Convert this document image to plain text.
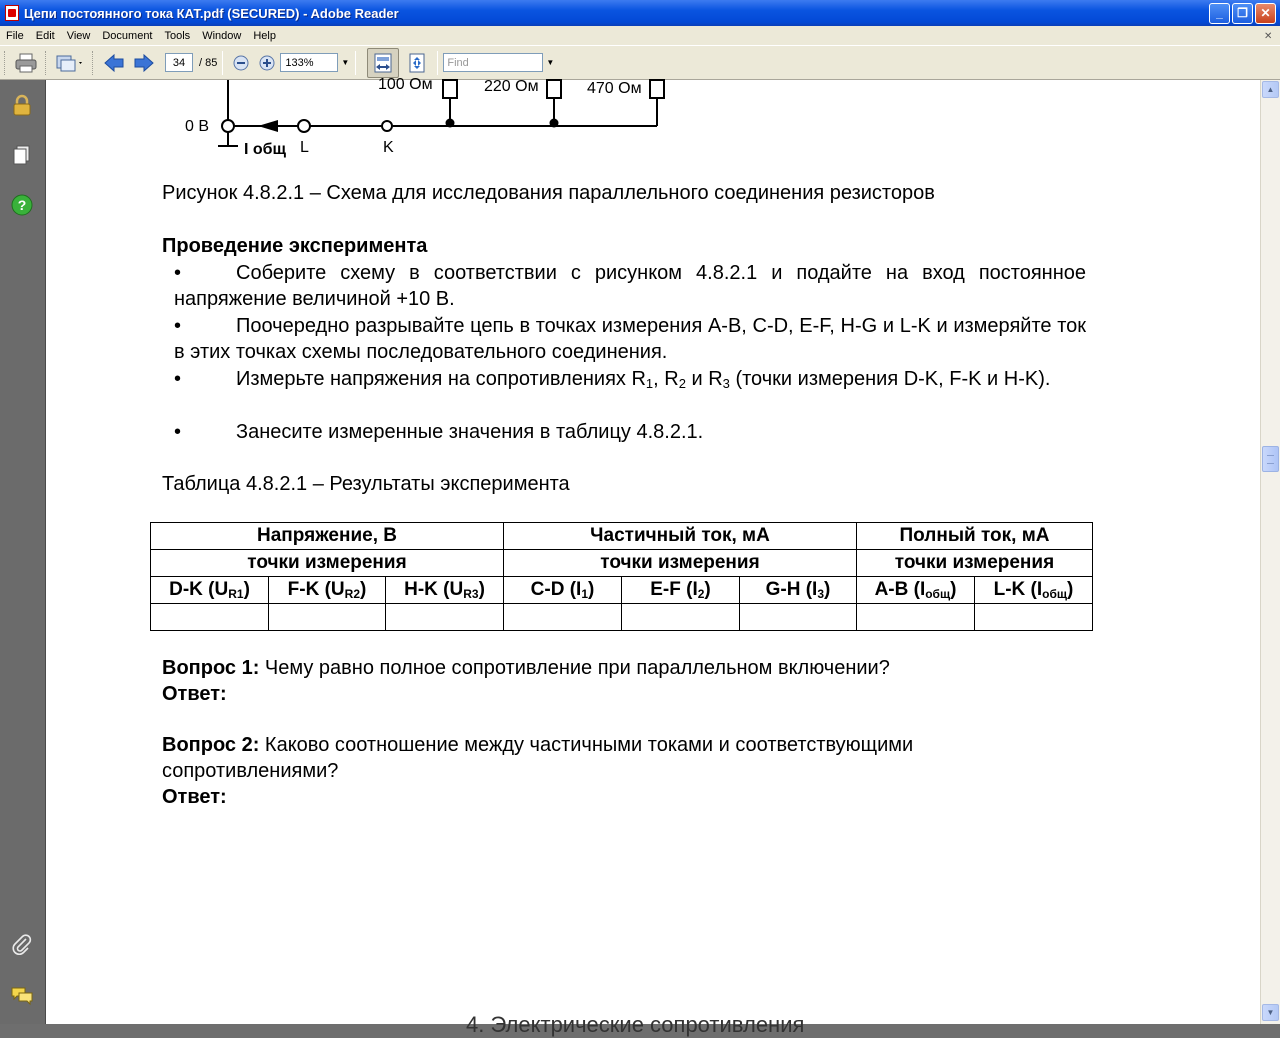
Цепи постоянного тока КАТ.pdf (SECURED) - Adobe Reader	_	❐	✕
File	Edit	View	Document	Tools	Window	Help	✕
34	/ 85	133%	▼	Find	▼
?
100 Ом	220 Ом	470 Ом
0 В
I общ L	K
Рисунок 4.8.2.1 – Схема для исследования параллельного соединения резисторов
Проведение эксперимента
•	Соберите схему в соответствии с рисунком 4.8.2.1 и подайте на вход постоянное напряжение величиной +10 В.
•	Поочередно разрывайте цепь в точках измерения A-B, C-D, E-F, H-G и L-K и измеряйте ток в этих точках схемы последовательного соединения.
•	Измерьте напряжения на сопротивлениях $R_1$, $R_2$ и $R_3$ (точки измерения D-K, F-K и H-K).
•	Занесите измеренные значения в таблицу 4.8.2.1.
Таблица 4.8.2.1 – Результаты эксперимента
Напряжение, В			Частичный ток, мА			Полный ток, мА	
точки измерения			точки измерения			точки измерения	
D-K $(U_{R1})$	F-K $(U_{R2})$	H-K $(U_{R3})$	C-D $(I_1)$	E-F $(I_2)$	G-H $(I_3)$	A-B $(I_{общ})$	L-K $(I_{общ})$

Вопрос 1: Чему равно полное сопротивление при параллельном включении?
Ответ:
Вопрос 2: Каково соотношение между частичными токами и соответствующими
сопротивлениями?
Ответ:
4. Электрические сопротивления
▲
▼
